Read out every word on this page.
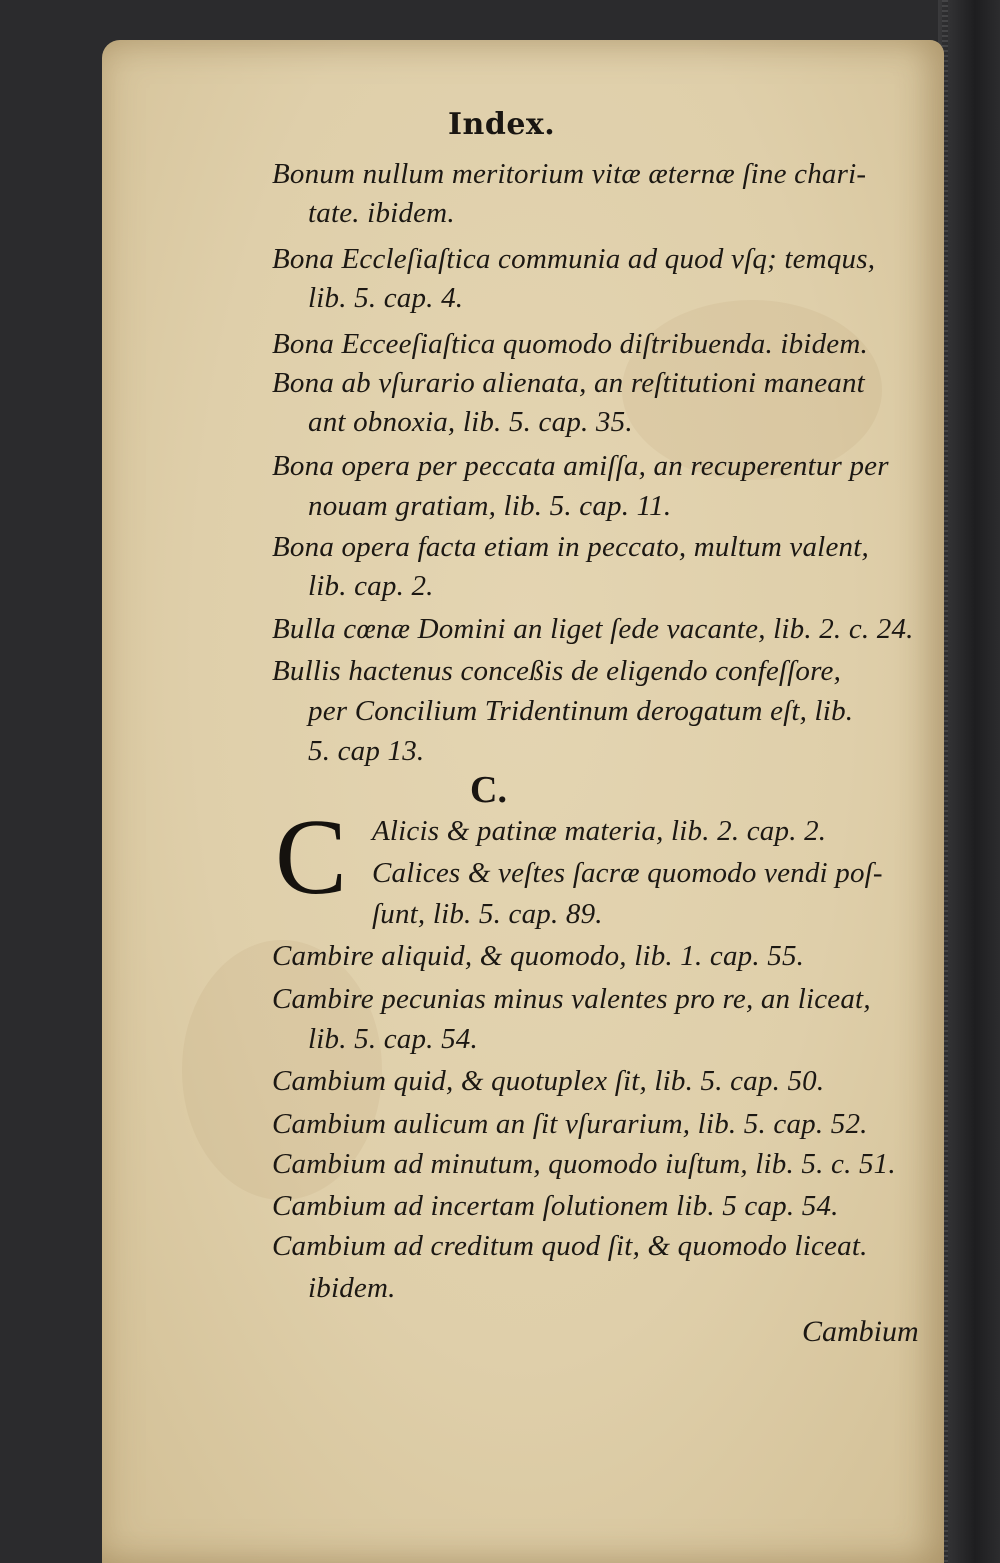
Index.
Bonum nullum meritorium vitæ æternæ ſine chari-
tate. ibidem.
Bona Eccleſiaſtica communia ad quod vſq; temqus,
lib. 5. cap. 4.
Bona Ecceeſiaſtica quomodo diſtribuenda. ibidem.
Bona ab vſurario alienata, an reſtitutioni maneant
ant obnoxia, lib. 5. cap. 35.
Bona opera per peccata amiſſa, an recuperentur per
nouam gratiam, lib. 5. cap. 11.
Bona opera facta etiam in peccato, multum valent,
lib. cap. 2.
Bulla cœnæ Domini an liget ſede vacante, lib. 2. c. 24.
Bullis hactenus conceßis de eligendo confeſſore,
per Concilium Tridentinum derogatum eſt, lib.
5. cap 13.
C.
C Alicis & patinæ materia, lib. 2. cap. 2.
Calices & veſtes ſacræ quomodo vendi poſ-
ſunt, lib. 5. cap. 89.
Cambire aliquid, & quomodo, lib. 1. cap. 55.
Cambire pecunias minus valentes pro re, an liceat,
lib. 5. cap. 54.
Cambium quid, & quotuplex ſit, lib. 5. cap. 50.
Cambium aulicum an ſit vſurarium, lib. 5. cap. 52.
Cambium ad minutum, quomodo iuſtum, lib. 5. c. 51.
Cambium ad incertam ſolutionem lib. 5 cap. 54.
Cambium ad creditum quod ſit, & quomodo liceat.
ibidem.
Cambium
